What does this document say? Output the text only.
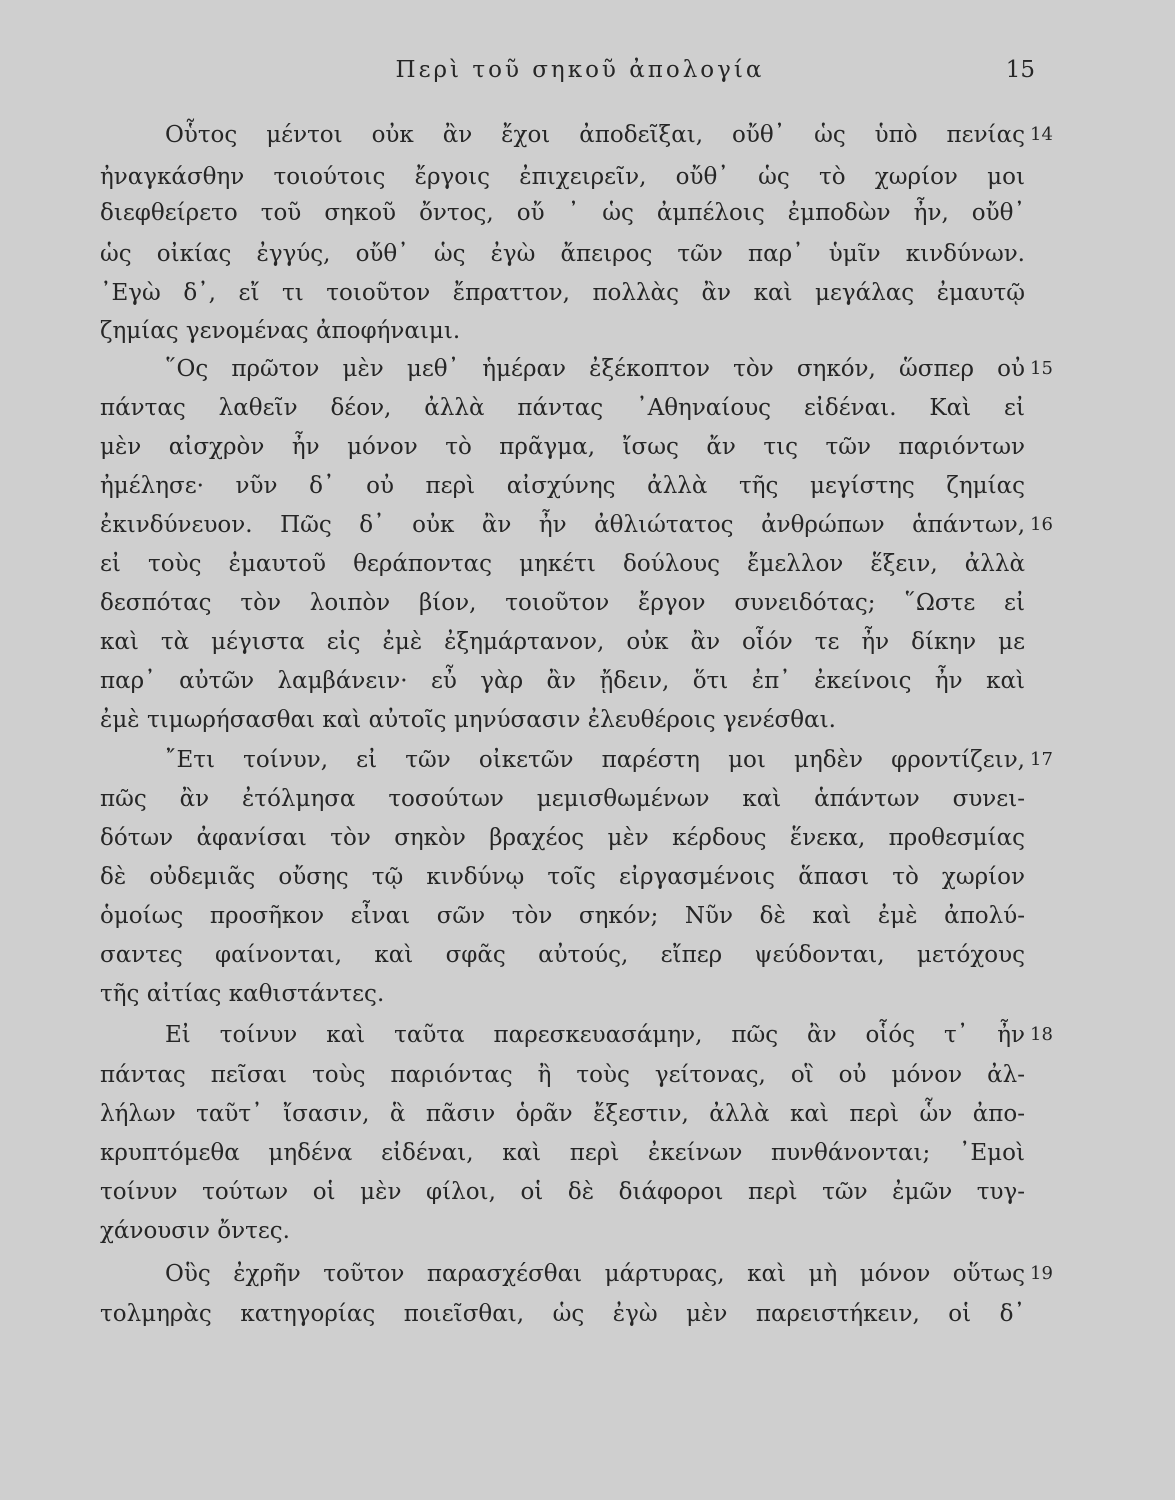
Περὶ τοῦ σηκοῦ ἀπολογία	15
Οὗτος μέντοι οὐκ ἂν ἔχοι ἀποδεῖξαι, οὔθ᾽ ὡς ὑπὸ πενίας
ἠναγκάσθην τοιούτοις ἔργοις ἐπιχειρεῖν, οὔθ᾽ ὡς τὸ χωρίον μοι
διεφθείρετο τοῦ σηκοῦ ὄντος, οὔ ᾽ ὡς ἀμπέλοις ἐμποδὼν ἦν, οὔθ᾽
ὡς οἰκίας ἐγγύς, οὔθ᾽ ὡς ἐγὼ ἄπειρος τῶν παρ᾽ ὑμῖν κινδύνων.
᾽Εγὼ δ᾽, εἴ τι τοιοῦτον ἔπραττον, πολλὰς ἂν καὶ μεγάλας ἐμαυτῷ
ζημίας γενομένας ἀποφήναιμι.
῞Ος πρῶτον μὲν μεθ᾽ ἡμέραν ἐξέκοπτον τὸν σηκόν, ὥσπερ οὐ
πάντας λαθεῖν δέον, ἀλλὰ πάντας ᾽Αθηναίους εἰδέναι. Καὶ εἰ
μὲν αἰσχρὸν ἦν μόνον τὸ πρᾶγμα, ἴσως ἄν τις τῶν παριόντων
ἠμέλησε· νῦν δ᾽ οὐ περὶ αἰσχύνης ἀλλὰ τῆς μεγίστης ζημίας
ἐκινδύνευον. Πῶς δ᾽ οὐκ ἂν ἦν ἀθλιώτατος ἀνθρώπων ἁπάντων,
εἰ τοὺς ἐμαυτοῦ θεράποντας μηκέτι δούλους ἔμελλον ἕξειν, ἀλλὰ
δεσπότας τὸν λοιπὸν βίον, τοιοῦτον ἔργον συνειδότας; ῞Ωστε εἰ
καὶ τὰ μέγιστα εἰς ἐμὲ ἐξημάρτανον, οὐκ ἂν οἷόν τε ἦν δίκην με
παρ᾽ αὐτῶν λαμβάνειν· εὖ γὰρ ἂν ᾔδειν, ὅτι ἐπ᾽ ἐκείνοις ἦν καὶ
ἐμὲ τιμωρήσασθαι καὶ αὐτοῖς μηνύσασιν ἐλευθέροις γενέσθαι.
῎Ετι τοίνυν, εἰ τῶν οἰκετῶν παρέστη μοι μηδὲν φροντίζειν,
πῶς ἂν ἐτόλμησα τοσούτων μεμισθωμένων καὶ ἁπάντων συνει-
δότων ἀφανίσαι τὸν σηκὸν βραχέος μὲν κέρδους ἕνεκα, προθεσμίας
δὲ οὐδεμιᾶς οὔσης τῷ κινδύνῳ τοῖς εἰργασμένοις ἅπασι τὸ χωρίον
ὁμοίως προσῆκον εἶναι σῶν τὸν σηκόν; Νῦν δὲ καὶ ἐμὲ ἀπολύ-
σαντες φαίνονται, καὶ σφᾶς αὐτούς, εἴπερ ψεύδονται, μετόχους
τῆς αἰτίας καθιστάντες.
Εἰ τοίνυν καὶ ταῦτα παρεσκευασάμην, πῶς ἂν οἷός τ᾽ ἦν
πάντας πεῖσαι τοὺς παριόντας ἢ τοὺς γείτονας, οἳ οὐ μόνον ἀλ-
λήλων ταῦτ᾽ ἴσασιν, ἃ πᾶσιν ὁρᾶν ἔξεστιν, ἀλλὰ καὶ περὶ ὧν ἀπο-
κρυπτόμεθα μηδένα εἰδέναι, καὶ περὶ ἐκείνων πυνθάνονται; ᾽Εμοὶ
τοίνυν τούτων οἱ μὲν φίλοι, οἱ δὲ διάφοροι περὶ τῶν ἐμῶν τυγ-
χάνουσιν ὄντες.
Οὓς ἐχρῆν τοῦτον παρασχέσθαι μάρτυρας, καὶ μὴ μόνον οὕτως
τολμηρὰς κατηγορίας ποιεῖσθαι, ὡς ἐγὼ μὲν παρειστήκειν, οἱ δ᾽
14
15
16
17
18
19
